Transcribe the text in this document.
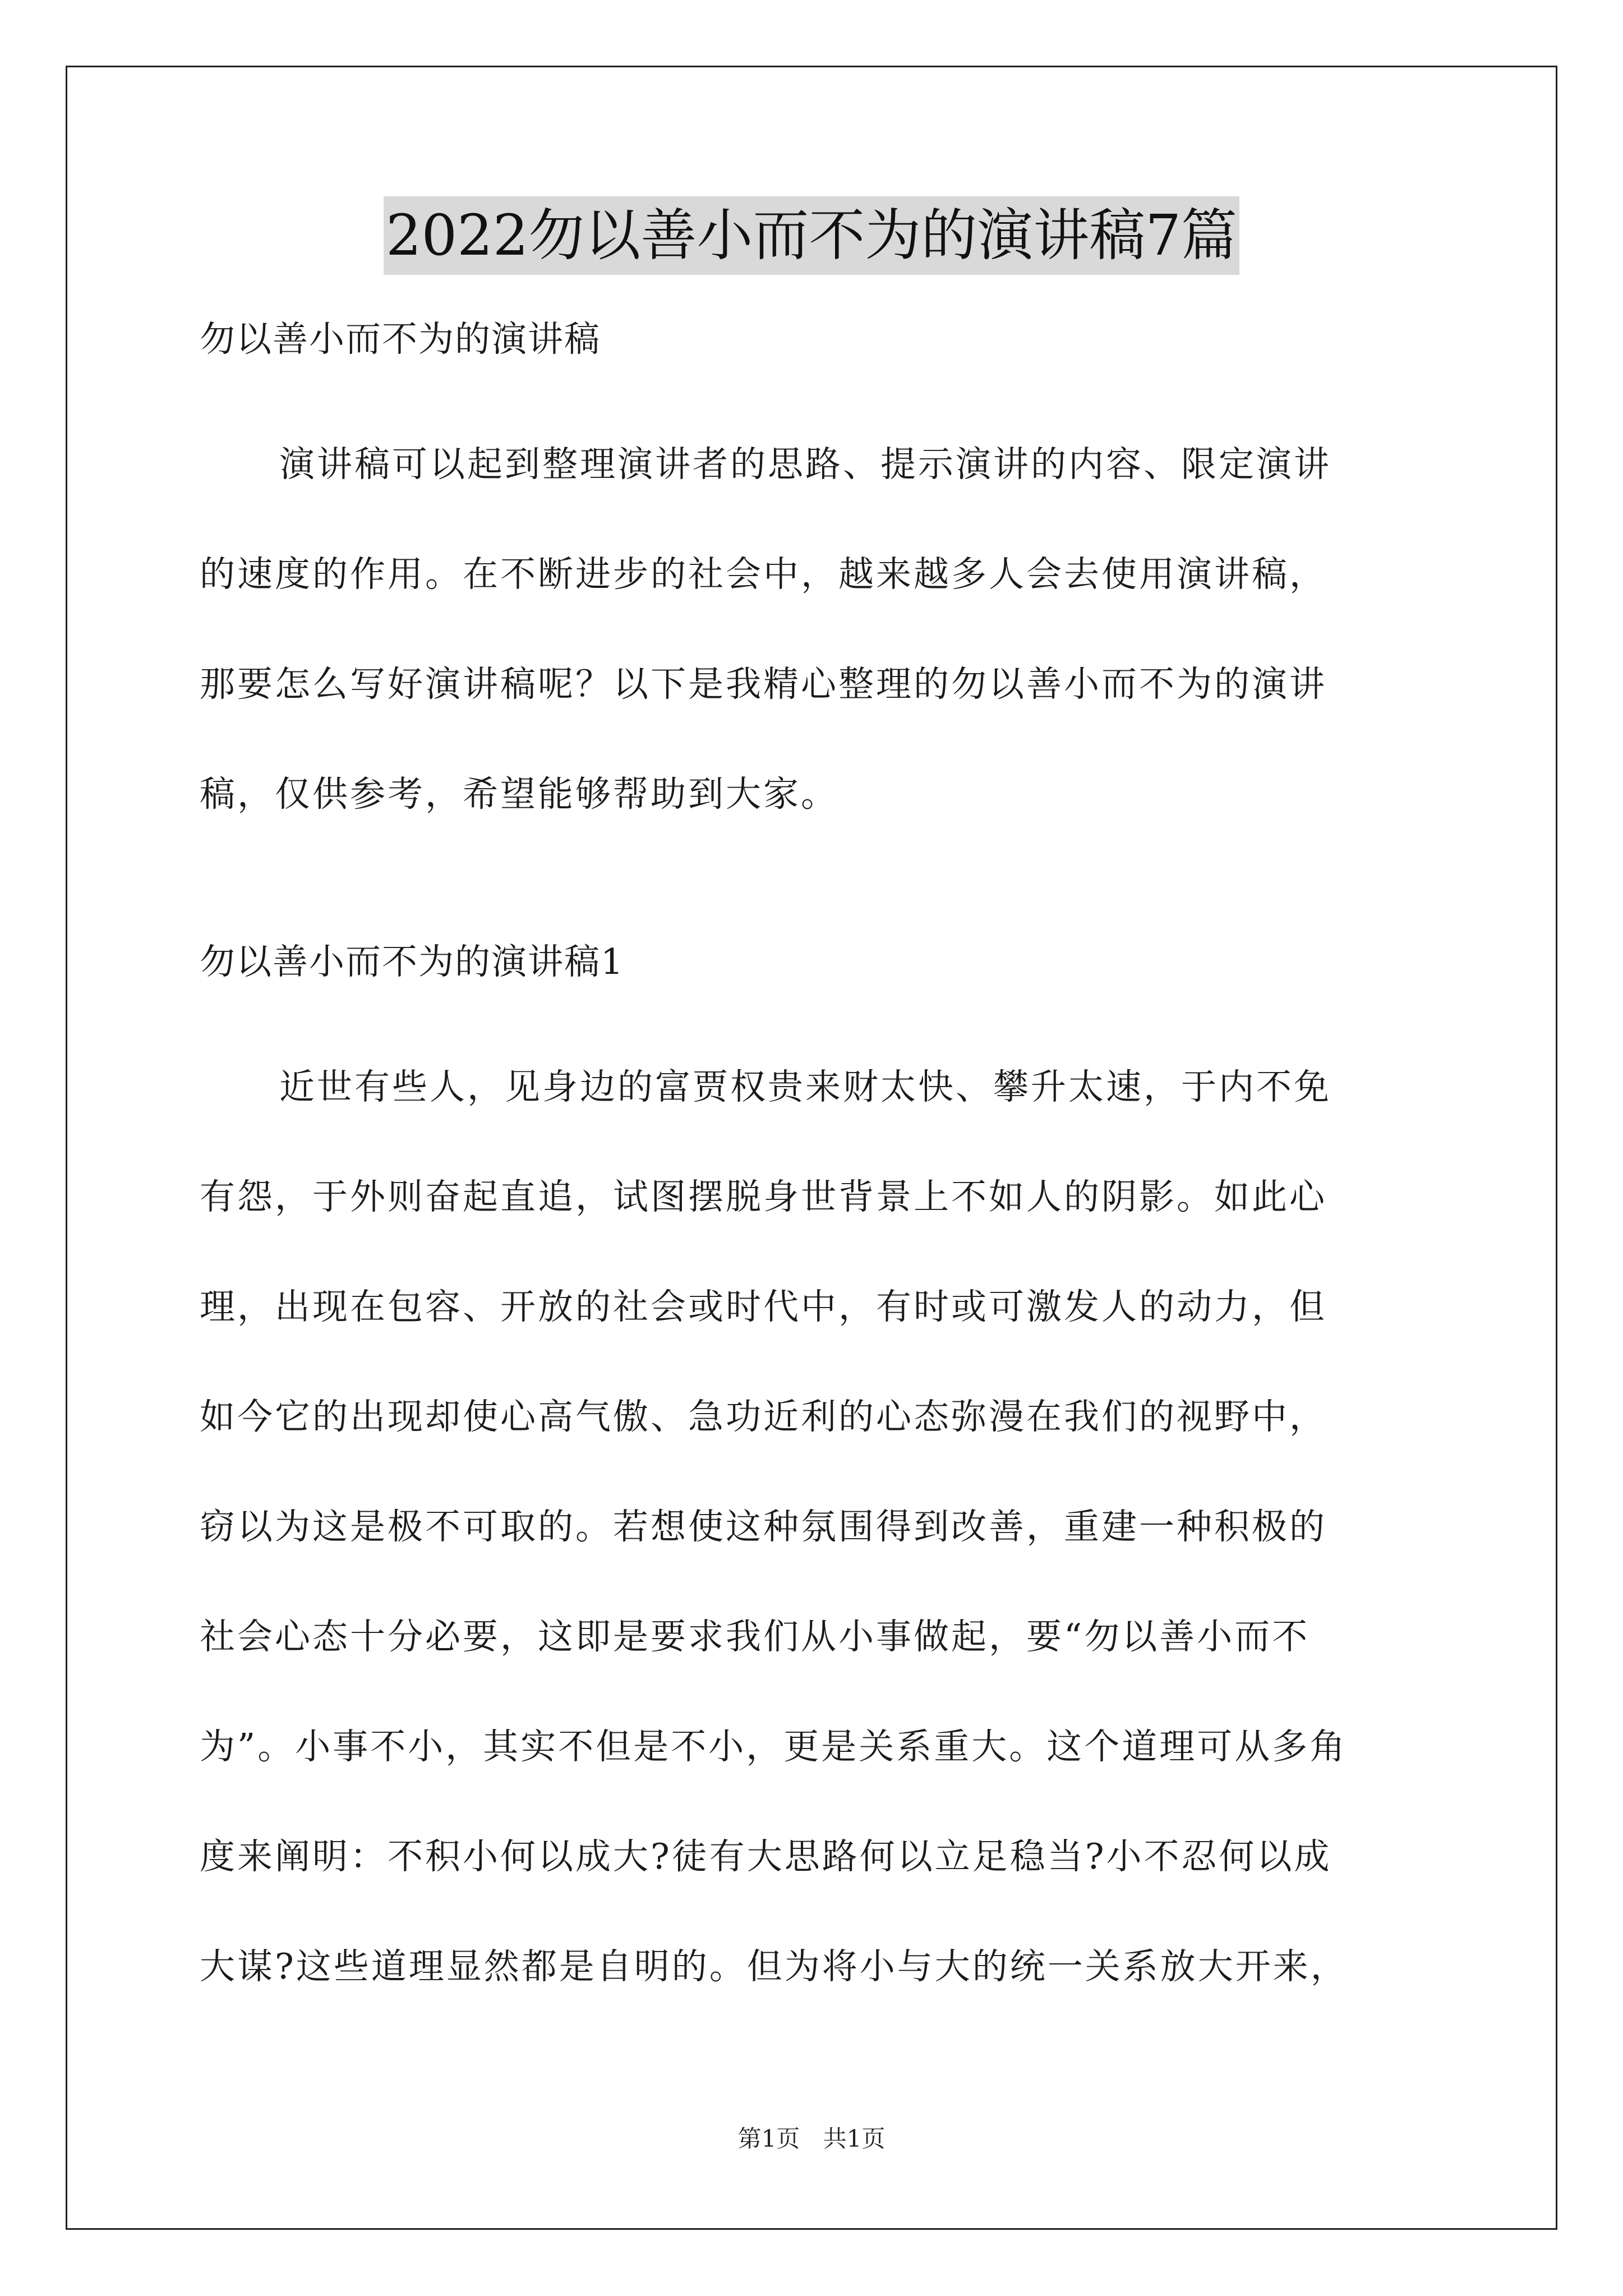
2022勿以善小而不为的演讲稿7篇
勿以善小而不为的演讲稿
演讲稿可以起到整理演讲者的思路、提示演讲的内容、限定演讲
的速度的作用。在不断进步的社会中，越来越多人会去使用演讲稿，
那要怎么写好演讲稿呢？以下是我精心整理的勿以善小而不为的演讲
稿，仅供参考，希望能够帮助到大家。
勿以善小而不为的演讲稿1
近世有些人，见身边的富贾权贵来财太快、攀升太速，于内不免
有怨，于外则奋起直追，试图摆脱身世背景上不如人的阴影。如此心
理，出现在包容、开放的社会或时代中，有时或可激发人的动力，但
如今它的出现却使心高气傲、急功近利的心态弥漫在我们的视野中，
窃以为这是极不可取的。若想使这种氛围得到改善，重建一种积极的
社会心态十分必要，这即是要求我们从小事做起，要“勿以善小而不
为”。小事不小，其实不但是不小，更是关系重大。这个道理可从多角
度来阐明：不积小何以成大?徒有大思路何以立足稳当?小不忍何以成
大谋?这些道理显然都是自明的。但为将小与大的统一关系放大开来，
第1页 共1页
